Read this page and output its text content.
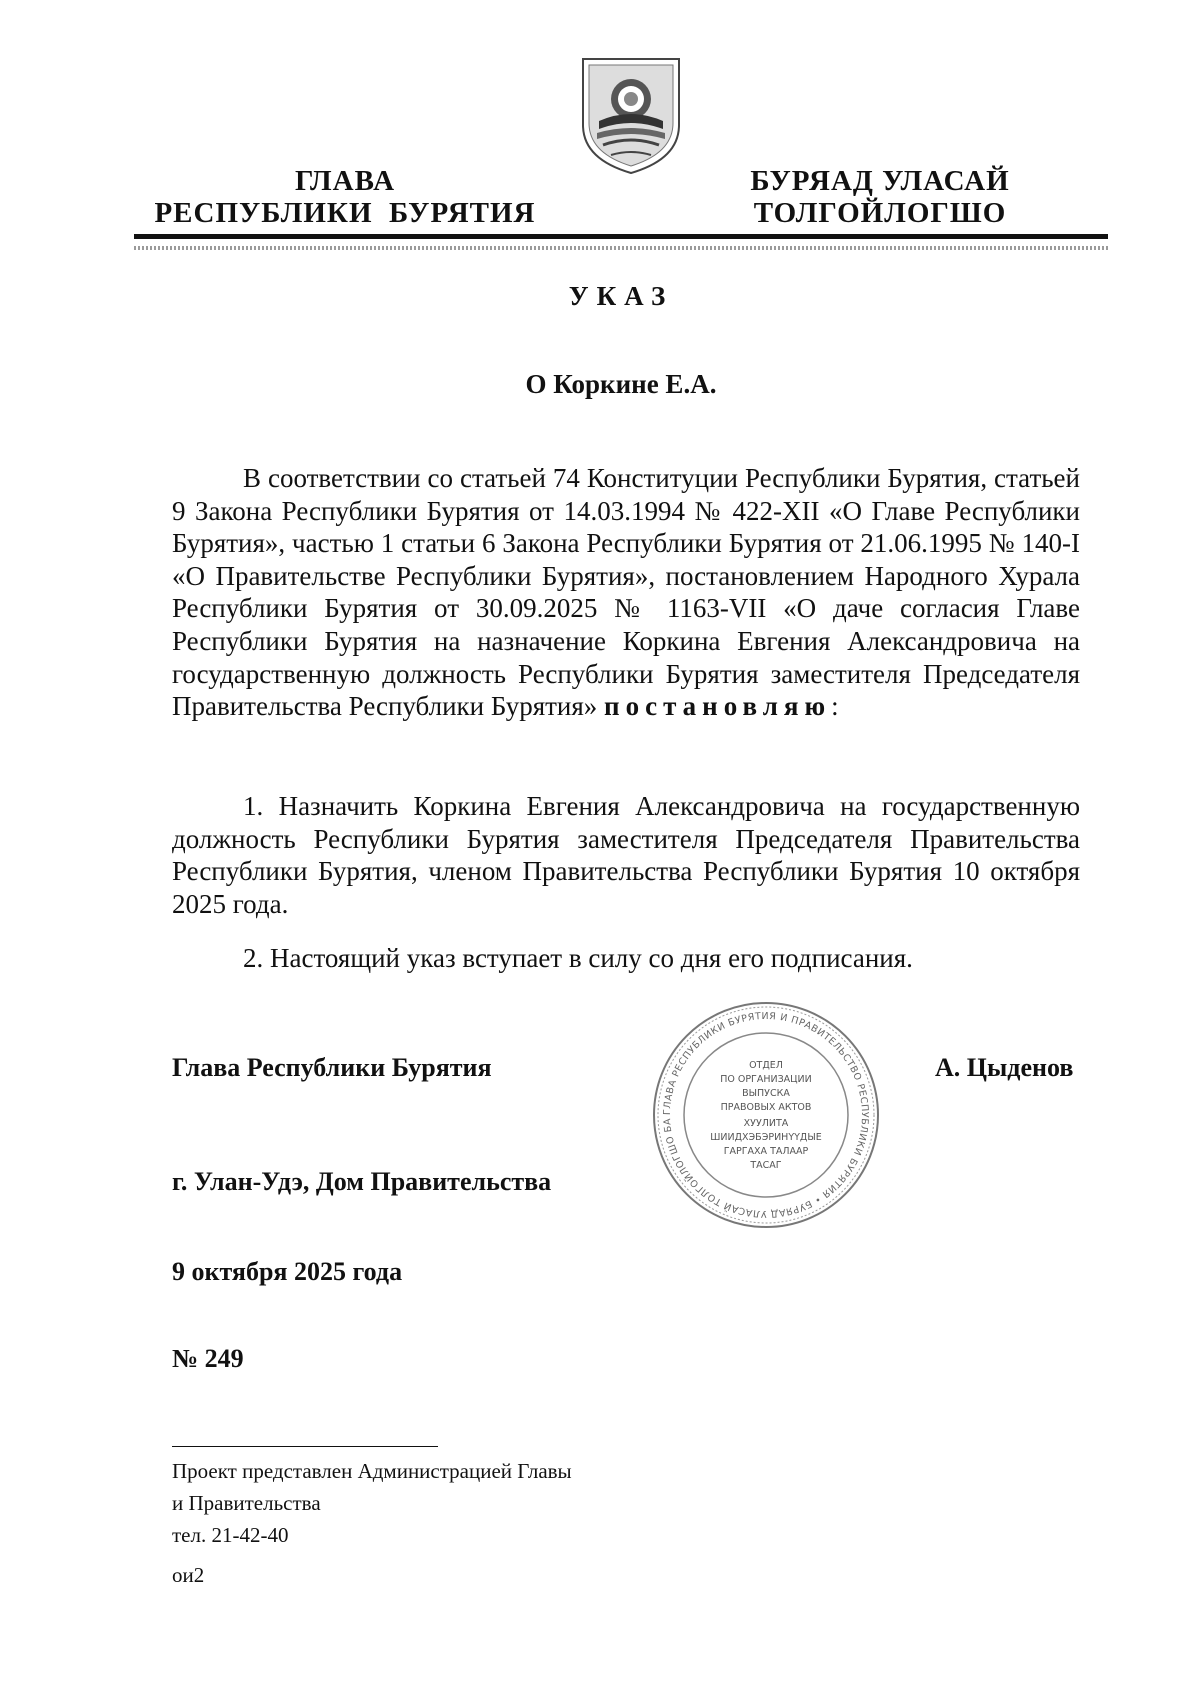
ГЛАВА
РЕСПУБЛИКИ  БУРЯТИЯ
БУРЯАД УЛАСАЙ
ТОЛГОЙЛОГШО
УКАЗ
О Коркине Е.А.
В соответствии со статьей 74 Конституции Республики Бурятия, статьей 9 Закона Республики Бурятия от 14.03.1994 № 422-XII «О Главе Республики Бурятия», частью 1 статьи 6 Закона Республики Бурятия от 21.06.1995 № 140-I «О Правительстве Республики Бурятия», постановлением Народного Хурала Республики Бурятия от 30.09.2025 № 1163-VII «О даче согласия Главе Республики Бурятия на назначение Коркина Евгения Александровича на государственную должность Республики Бурятия заместителя Председателя Правительства Республики Бурятия» постановляю:
1. Назначить Коркина Евгения Александровича на государственную должность Республики Бурятия заместителя Председателя Правительства Республики Бурятия, членом Правительства Республики Бурятия 10 октября 2025 года.
2. Настоящий указ вступает в силу со дня его подписания.
Глава Республики Бурятия	А. Цыденов
ГЛАВА РЕСПУБЛИКИ БУРЯТИЯ И ПРАВИТЕЛЬСТВО РЕСПУБЛИКИ БУРЯТИЯ • БУРЯАД УЛАСАЙ ТОЛГОЙЛОГШО БА
ОТДЕЛ
ПО ОРГАНИЗАЦИИ
ВЫПУСКА
ПРАВОВЫХ АКТОВ
ХУУЛИТА
ШИИДХЭБЭРИНҮҮДЫЕ
ГАРГАХА ТАЛААР
ТАСАГ
г. Улан-Удэ, Дом Правительства
9 октября 2025 года
№ 249
Проект представлен Администрацией Главы
и Правительства
тел. 21-42-40
ои2
